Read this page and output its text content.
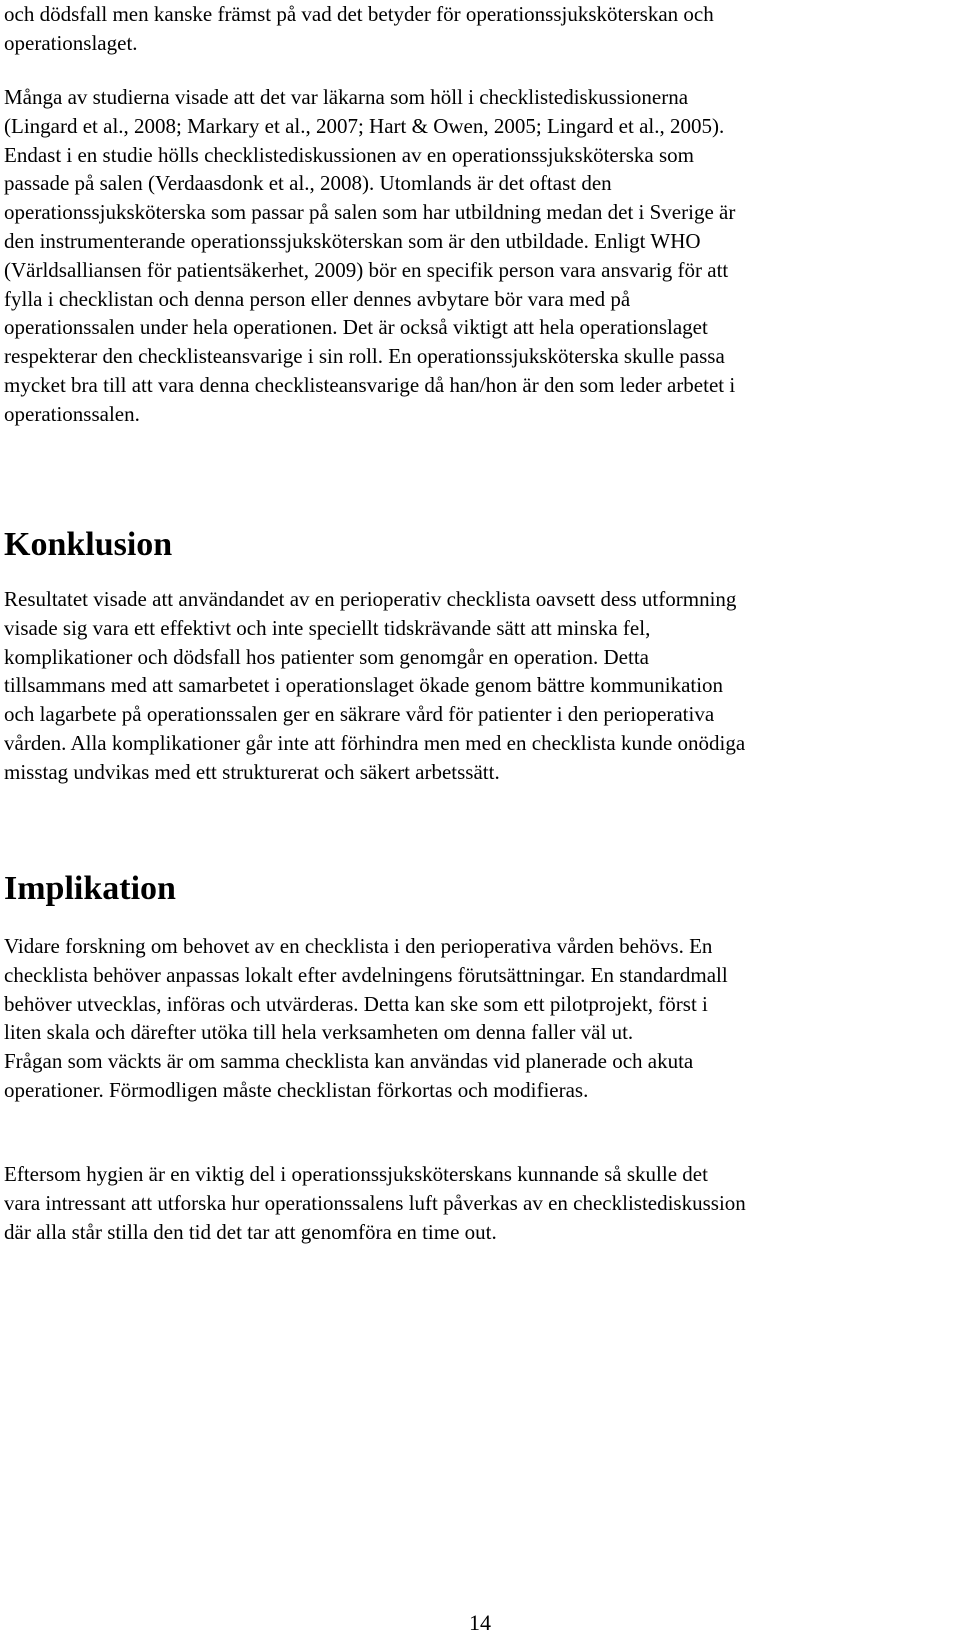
och dödsfall men kanske främst på vad det betyder för operationssjuksköterskan och
operationslaget.
Många av studierna visade att det var läkarna som höll i checklistediskussionerna
(Lingard et al., 2008; Markary et al., 2007; Hart & Owen, 2005; Lingard et al., 2005).
Endast i en studie hölls checklistediskussionen av en operationssjuksköterska som
passade på salen (Verdaasdonk et al., 2008). Utomlands är det oftast den
operationssjuksköterska som passar på salen som har utbildning medan det i Sverige är
den instrumenterande operationssjuksköterskan som är den utbildade. Enligt WHO
(Världsalliansen för patientsäkerhet, 2009) bör en specifik person vara ansvarig för att
fylla i checklistan och denna person eller dennes avbytare bör vara med på
operationssalen under hela operationen. Det är också viktigt att hela operationslaget
respekterar den checklisteansvarige i sin roll. En operationssjuksköterska skulle passa
mycket bra till att vara denna checklisteansvarige då han/hon är den som leder arbetet i
operationssalen.
Konklusion
Resultatet visade att användandet av en perioperativ checklista oavsett dess utformning
visade sig vara ett effektivt och inte speciellt tidskrävande sätt att minska fel,
komplikationer och dödsfall hos patienter som genomgår en operation. Detta
tillsammans med att samarbetet i operationslaget ökade genom bättre kommunikation
och lagarbete på operationssalen ger en säkrare vård för patienter i den perioperativa
vården. Alla komplikationer går inte att förhindra men med en checklista kunde onödiga
misstag undvikas med ett strukturerat och säkert arbetssätt.
Implikation
Vidare forskning om behovet av en checklista i den perioperativa vården behövs. En
checklista behöver anpassas lokalt efter avdelningens förutsättningar. En standardmall
behöver utvecklas, införas och utvärderas. Detta kan ske som ett pilotprojekt, först i
liten skala och därefter utöka till hela verksamheten om denna faller väl ut.
Frågan som väckts är om samma checklista kan användas vid planerade och akuta
operationer. Förmodligen måste checklistan förkortas och modifieras.
Eftersom hygien är en viktig del i operationssjuksköterskans kunnande så skulle det
vara intressant att utforska hur operationssalens luft påverkas av en checklistediskussion
där alla står stilla den tid det tar att genomföra en time out.
14
